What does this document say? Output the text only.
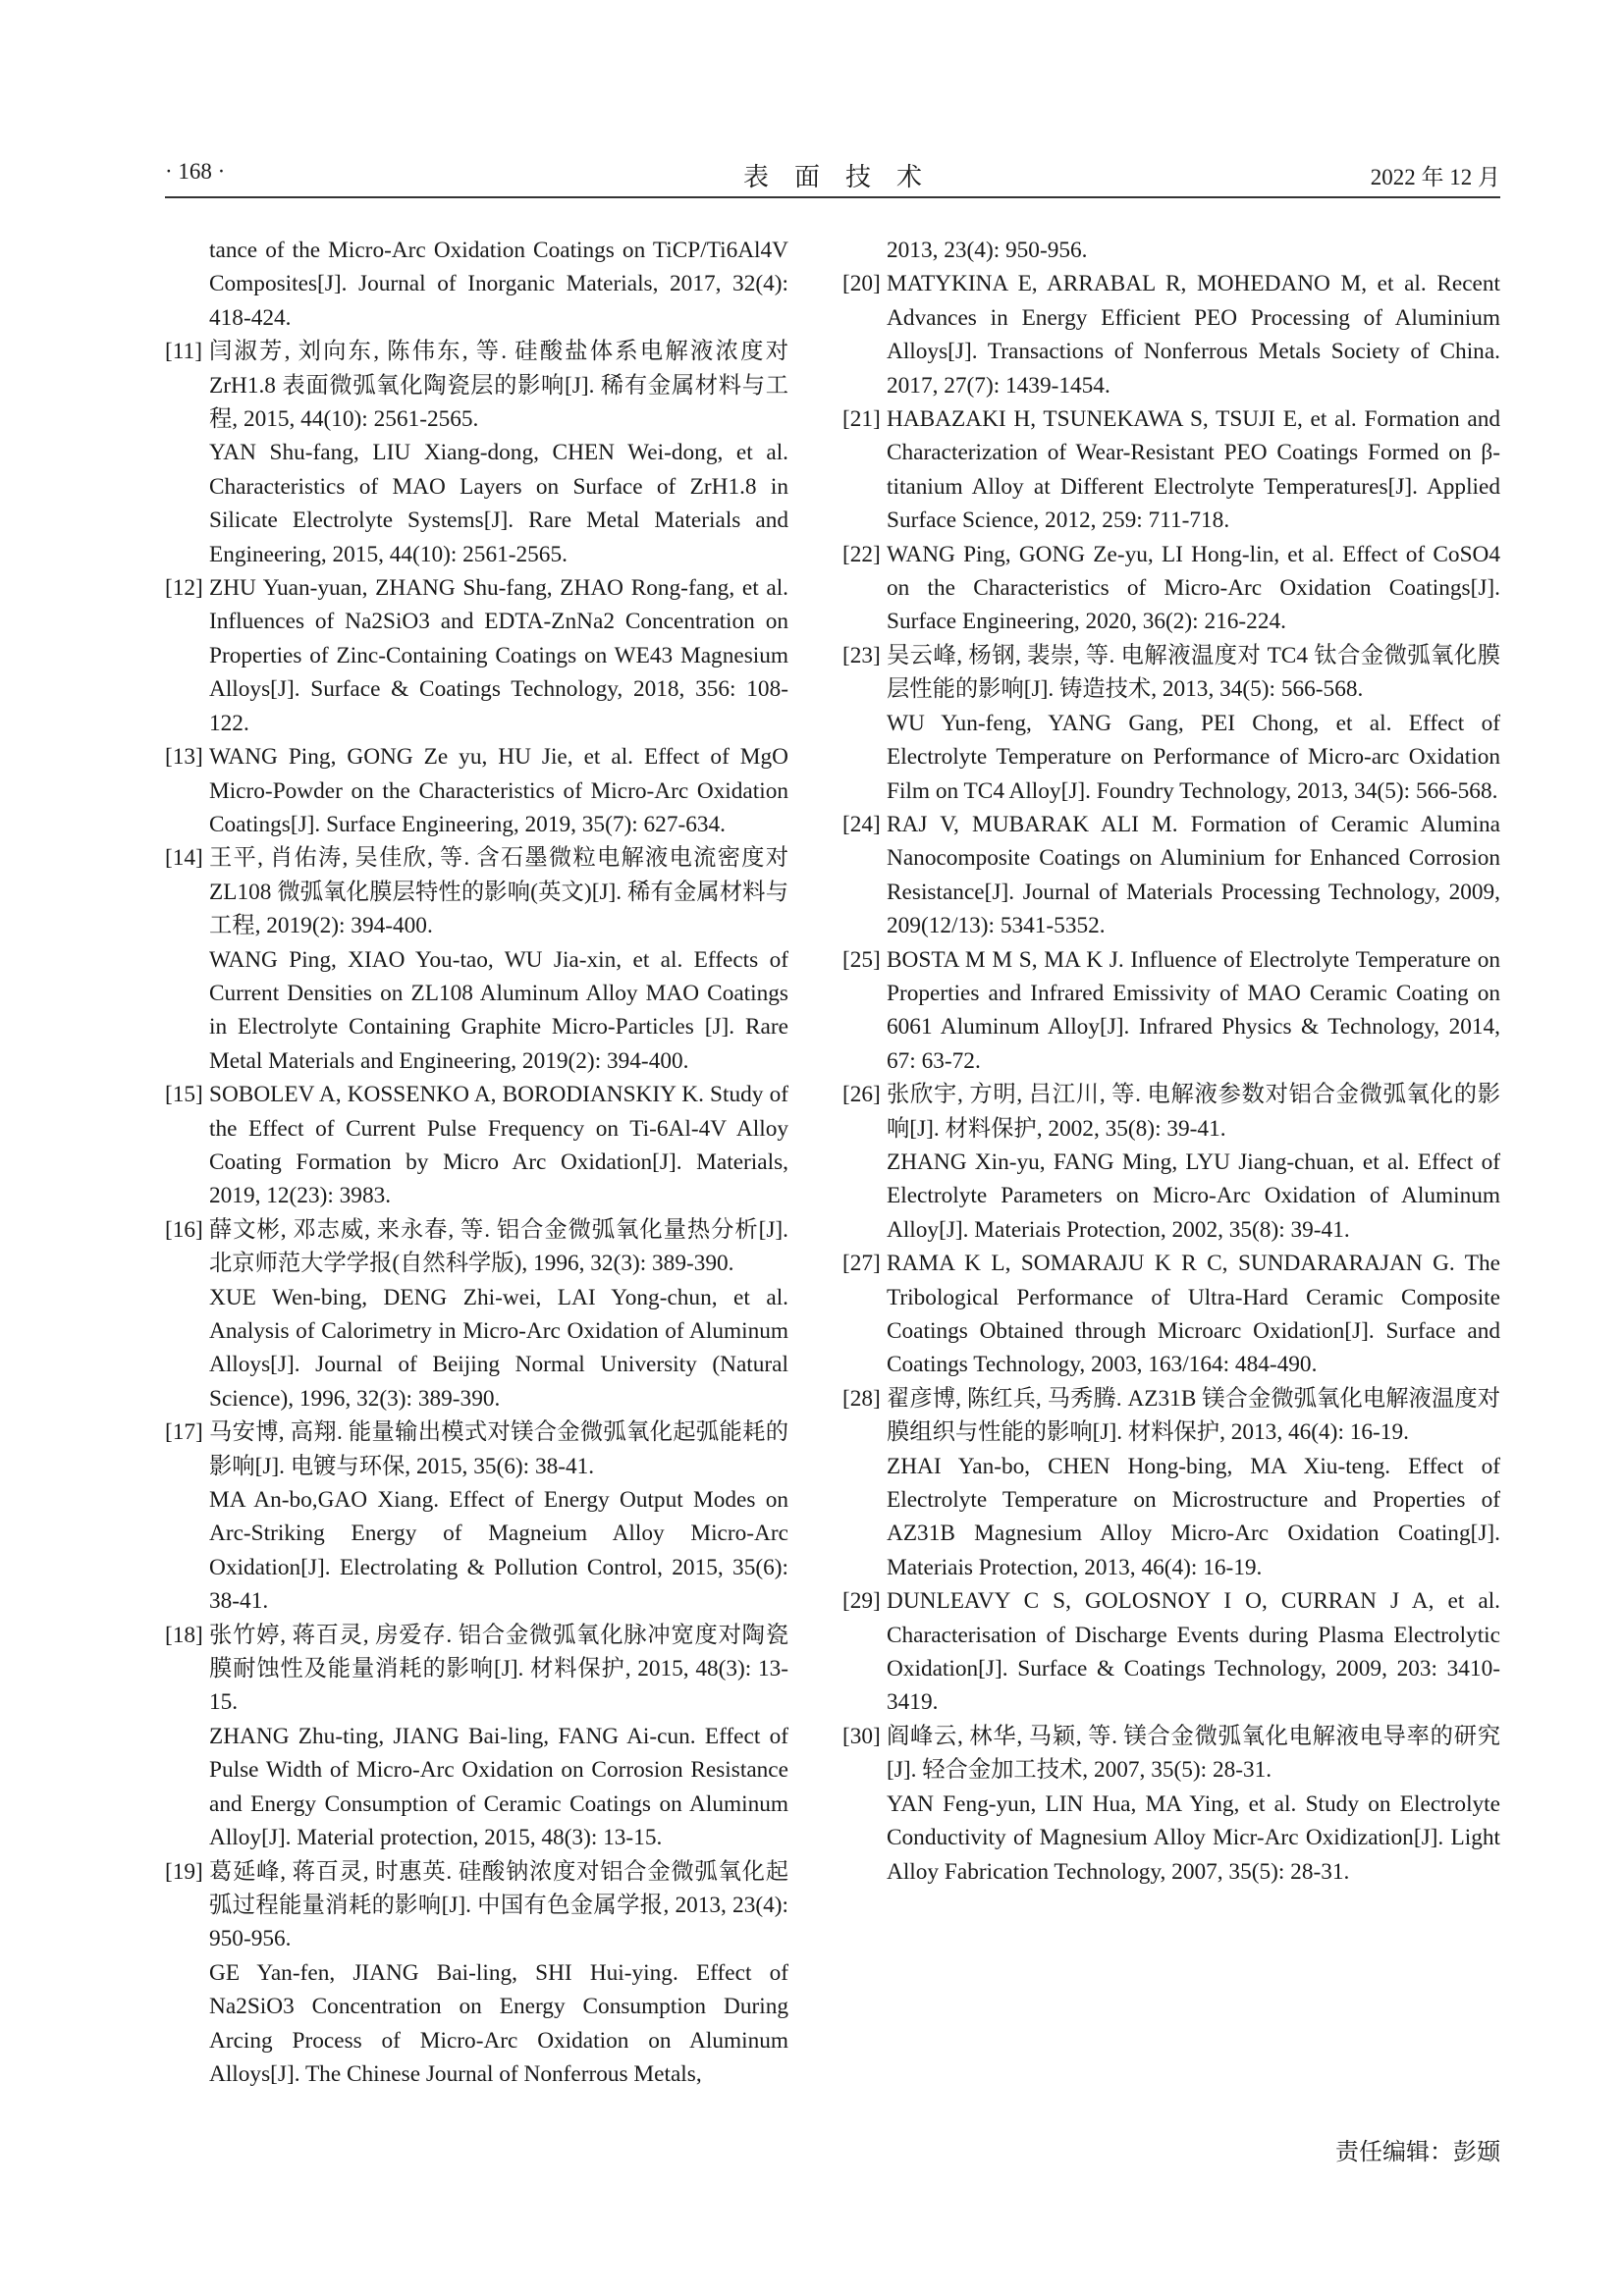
· 168 ·	表面技术	2022 年 12 月
tance of the Micro-Arc Oxidation Coatings on TiCP/Ti6Al4V Composites[J]. Journal of Inorganic Materials, 2017, 32(4): 418-424.
[11] 闫淑芳, 刘向东, 陈伟东, 等. 硅酸盐体系电解液浓度对 ZrH1.8 表面微弧氧化陶瓷层的影响[J]. 稀有金属材料与工程, 2015, 44(10): 2561-2565.
YAN Shu-fang, LIU Xiang-dong, CHEN Wei-dong, et al. Characteristics of MAO Layers on Surface of ZrH1.8 in Silicate Electrolyte Systems[J]. Rare Metal Materials and Engineering, 2015, 44(10): 2561-2565.
[12] ZHU Yuan-yuan, ZHANG Shu-fang, ZHAO Rong-fang, et al. Influences of Na2SiO3 and EDTA-ZnNa2 Concentration on Properties of Zinc-Containing Coatings on WE43 Magnesium Alloys[J]. Surface & Coatings Technology, 2018, 356: 108-122.
[13] WANG Ping, GONG Ze yu, HU Jie, et al. Effect of MgO Micro-Powder on the Characteristics of Micro-Arc Oxidation Coatings[J]. Surface Engineering, 2019, 35(7): 627-634.
[14] 王平, 肖佑涛, 吴佳欣, 等. 含石墨微粒电解液电流密度对 ZL108 微弧氧化膜层特性的影响(英文)[J]. 稀有金属材料与工程, 2019(2): 394-400.
WANG Ping, XIAO You-tao, WU Jia-xin, et al. Effects of Current Densities on ZL108 Aluminum Alloy MAO Coatings in Electrolyte Containing Graphite Micro-Particles [J]. Rare Metal Materials and Engineering, 2019(2): 394-400.
[15] SOBOLEV A, KOSSENKO A, BORODIANSKIY K. Study of the Effect of Current Pulse Frequency on Ti-6Al-4V Alloy Coating Formation by Micro Arc Oxidation[J]. Materials, 2019, 12(23): 3983.
[16] 薛文彬, 邓志威, 来永春, 等. 铝合金微弧氧化量热分析[J]. 北京师范大学学报(自然科学版), 1996, 32(3): 389-390.
XUE Wen-bing, DENG Zhi-wei, LAI Yong-chun, et al. Analysis of Calorimetry in Micro-Arc Oxidation of Aluminum Alloys[J]. Journal of Beijing Normal University (Natural Science), 1996, 32(3): 389-390.
[17] 马安博, 高翔. 能量输出模式对镁合金微弧氧化起弧能耗的影响[J]. 电镀与环保, 2015, 35(6): 38-41.
MA An-bo,GAO Xiang. Effect of Energy Output Modes on Arc-Striking Energy of Magneium Alloy Micro-Arc Oxidation[J]. Electrolating & Pollution Control, 2015, 35(6): 38-41.
[18] 张竹婷, 蒋百灵, 房爱存. 铝合金微弧氧化脉冲宽度对陶瓷膜耐蚀性及能量消耗的影响[J]. 材料保护, 2015, 48(3): 13-15.
ZHANG Zhu-ting, JIANG Bai-ling, FANG Ai-cun. Effect of Pulse Width of Micro-Arc Oxidation on Corrosion Resistance and Energy Consumption of Ceramic Coatings on Aluminum Alloy[J]. Material protection, 2015, 48(3): 13-15.
[19] 葛延峰, 蒋百灵, 时惠英. 硅酸钠浓度对铝合金微弧氧化起弧过程能量消耗的影响[J]. 中国有色金属学报, 2013, 23(4): 950-956.
GE Yan-fen, JIANG Bai-ling, SHI Hui-ying. Effect of Na2SiO3 Concentration on Energy Consumption During Arcing Process of Micro-Arc Oxidation on Aluminum Alloys[J]. The Chinese Journal of Nonferrous Metals,
2013, 23(4): 950-956.
[20] MATYKINA E, ARRABAL R, MOHEDANO M, et al. Recent Advances in Energy Efficient PEO Processing of Aluminium Alloys[J]. Transactions of Nonferrous Metals Society of China. 2017, 27(7): 1439-1454.
[21] HABAZAKI H, TSUNEKAWA S, TSUJI E, et al. Formation and Characterization of Wear-Resistant PEO Coatings Formed on β-titanium Alloy at Different Electrolyte Temperatures[J]. Applied Surface Science, 2012, 259: 711-718.
[22] WANG Ping, GONG Ze-yu, LI Hong-lin, et al. Effect of CoSO4 on the Characteristics of Micro-Arc Oxidation Coatings[J]. Surface Engineering, 2020, 36(2): 216-224.
[23] 吴云峰, 杨钢, 裴崇, 等. 电解液温度对 TC4 钛合金微弧氧化膜层性能的影响[J]. 铸造技术, 2013, 34(5): 566-568.
WU Yun-feng, YANG Gang, PEI Chong, et al. Effect of Electrolyte Temperature on Performance of Micro-arc Oxidation Film on TC4 Alloy[J]. Foundry Technology, 2013, 34(5): 566-568.
[24] RAJ V, MUBARAK ALI M. Formation of Ceramic Alumina Nanocomposite Coatings on Aluminium for Enhanced Corrosion Resistance[J]. Journal of Materials Processing Technology, 2009, 209(12/13): 5341-5352.
[25] BOSTA M M S, MA K J. Influence of Electrolyte Temperature on Properties and Infrared Emissivity of MAO Ceramic Coating on 6061 Aluminum Alloy[J]. Infrared Physics & Technology, 2014, 67: 63-72.
[26] 张欣宇, 方明, 吕江川, 等. 电解液参数对铝合金微弧氧化的影响[J]. 材料保护, 2002, 35(8): 39-41.
ZHANG Xin-yu, FANG Ming, LYU Jiang-chuan, et al. Effect of Electrolyte Parameters on Micro-Arc Oxidation of Aluminum Alloy[J]. Materiais Protection, 2002, 35(8): 39-41.
[27] RAMA K L, SOMARAJU K R C, SUNDARARAJAN G. The Tribological Performance of Ultra-Hard Ceramic Composite Coatings Obtained through Microarc Oxidation[J]. Surface and Coatings Technology, 2003, 163/164: 484-490.
[28] 翟彦博, 陈红兵, 马秀腾. AZ31B 镁合金微弧氧化电解液温度对膜组织与性能的影响[J]. 材料保护, 2013, 46(4): 16-19.
ZHAI Yan-bo, CHEN Hong-bing, MA Xiu-teng. Effect of Electrolyte Temperature on Microstructure and Properties of AZ31B Magnesium Alloy Micro-Arc Oxidation Coating[J]. Materiais Protection, 2013, 46(4): 16-19.
[29] DUNLEAVY C S, GOLOSNOY I O, CURRAN J A, et al. Characterisation of Discharge Events during Plasma Electrolytic Oxidation[J]. Surface & Coatings Technology, 2009, 203: 3410-3419.
[30] 阎峰云, 林华, 马颖, 等. 镁合金微弧氧化电解液电导率的研究[J]. 轻合金加工技术, 2007, 35(5): 28-31.
YAN Feng-yun, LIN Hua, MA Ying, et al. Study on Electrolyte Conductivity of Magnesium Alloy Micr-Arc Oxidization[J]. Light Alloy Fabrication Technology, 2007, 35(5): 28-31.
责任编辑：彭颋
